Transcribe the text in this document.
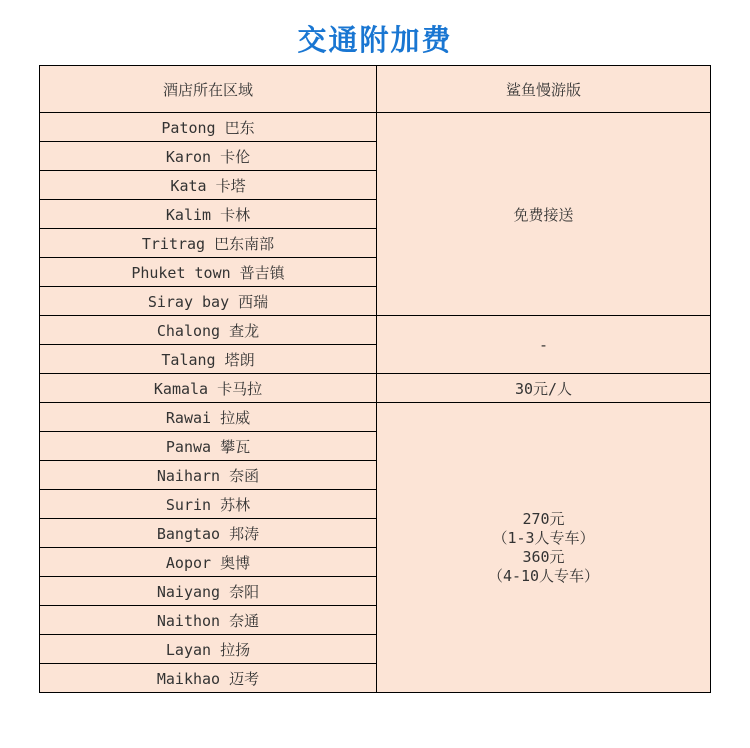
交通附加费
酒店所在区域	鲨鱼慢游版
Patong 巴东	免费接送
Karon 卡伦	
Kata 卡塔	
Kalim 卡林	
Tritrag 巴东南部	
Phuket town 普吉镇	
Siray bay 西瑞	
Chalong 查龙	-
Talang 塔朗	
Kamala 卡马拉	30元/人
Rawai 拉威	270元
（1-3人专车）
360元
（4-10人专车）

Panwa 攀瓦	
Naiharn 奈函	
Surin 苏林	
Bangtao 邦涛	
Aopor 奥博	
Naiyang 奈阳	
Naithon 奈通	
Layan 拉扬	
Maikhao 迈考	
